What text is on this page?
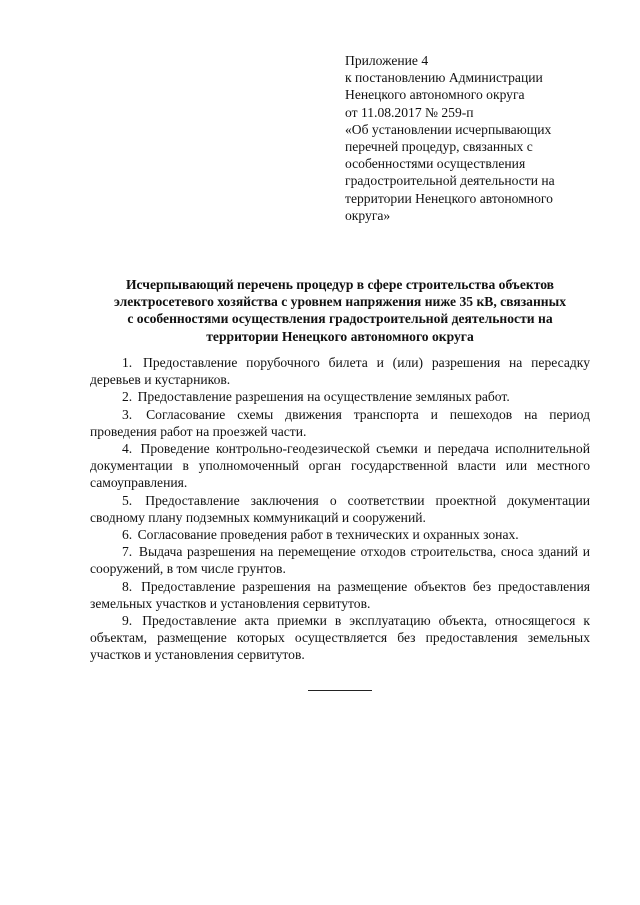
Приложение 4
к постановлению Администрации
Ненецкого автономного округа
от 11.08.2017 № 259-п
«Об установлении исчерпывающих
перечней процедур, связанных с
особенностями осуществления
градостроительной деятельности на
территории Ненецкого автономного
округа»
Исчерпывающий перечень процедур в сфере строительства объектов
электросетевого хозяйства с уровнем напряжения ниже 35 кВ, связанных
с особенностями осуществления градостроительной деятельности на
территории Ненецкого автономного округа
1. Предоставление порубочного билета и (или) разрешения на пересадку деревьев и кустарников.
2. Предоставление разрешения на осуществление земляных работ.
3. Согласование схемы движения транспорта и пешеходов на период проведения работ на проезжей части.
4. Проведение контрольно-геодезической съемки и передача исполнительной документации в уполномоченный орган государственной власти или местного самоуправления.
5. Предоставление заключения о соответствии проектной документации сводному плану подземных коммуникаций и сооружений.
6. Согласование проведения работ в технических и охранных зонах.
7. Выдача разрешения на перемещение отходов строительства, сноса зданий и сооружений, в том числе грунтов.
8. Предоставление разрешения на размещение объектов без предоставления земельных участков и установления сервитутов.
9. Предоставление акта приемки в эксплуатацию объекта, относящегося к объектам, размещение которых осуществляется без предоставления земельных участков и установления сервитутов.
